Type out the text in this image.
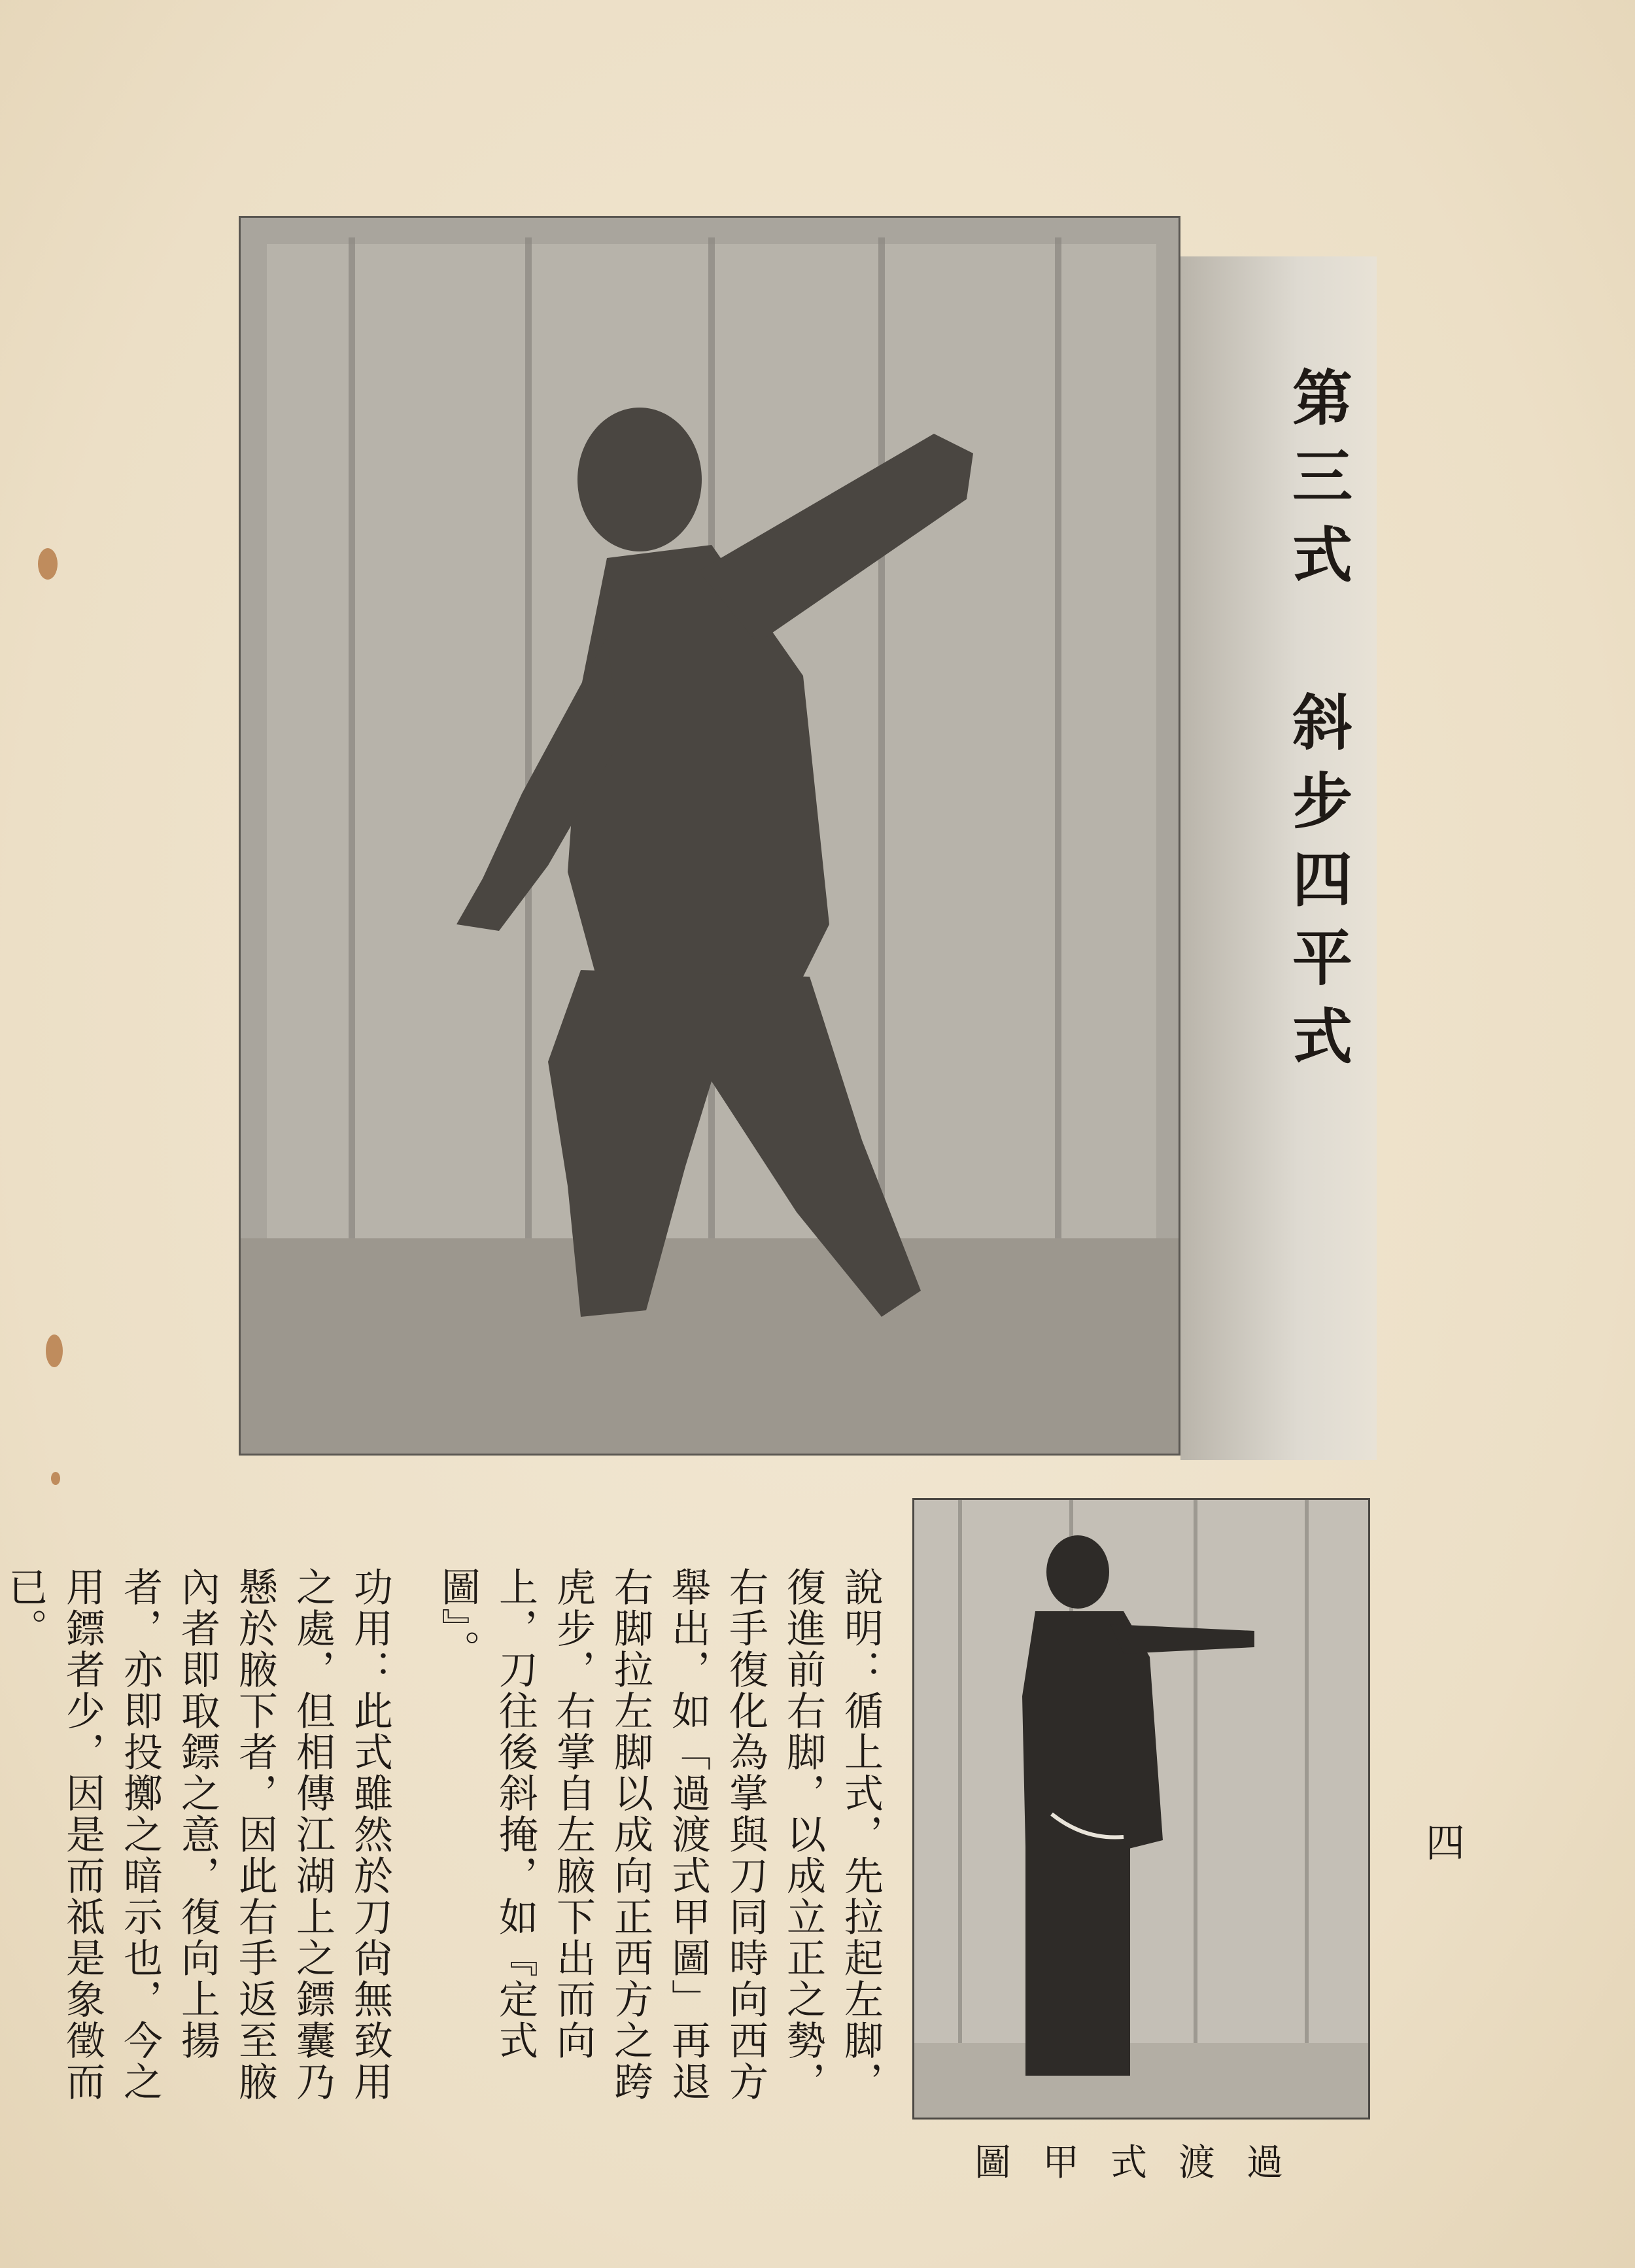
第三式 斜步四平式
說明：循上式，先拉起左脚，復進前右脚，以成立正之勢，右手復化為掌與刀同時向西方舉出，如「過渡式甲圖」再退右脚拉左脚以成向正西方之跨虎步，右掌自左腋下出而向上，刀往後斜掩，如『定式圖』。
功用：此式雖然於刀尙無致用之處，但相傳江湖上之鏢囊乃懸於腋下者，因此右手返至腋內者即取鏢之意，復向上揚者，亦即投擲之暗示也，今之用鏢者少，因是而祗是象徵而已。
過渡式甲圖
四
